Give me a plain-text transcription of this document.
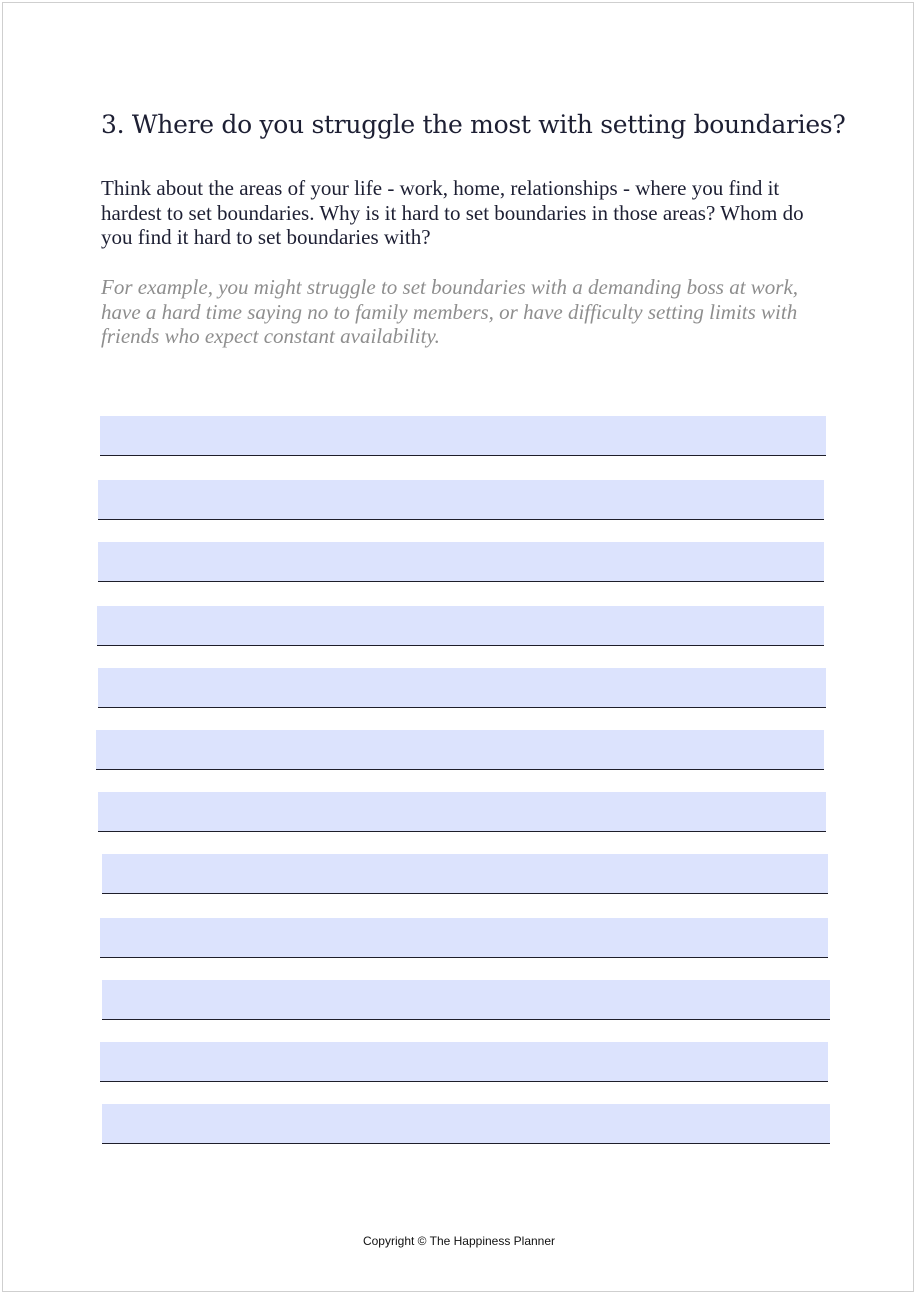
3. Where do you struggle the most with setting boundaries?

Think about the areas of your life - work, home, relationships - where you find it hardest to set boundaries. Why is it hard to set boundaries in those areas? Whom do you find it hard to set boundaries with?

For example, you might struggle to set boundaries with a demanding boss at work, have a hard time saying no to family members, or have difficulty setting limits with friends who expect constant availability.

Copyright © The Happiness Planner
